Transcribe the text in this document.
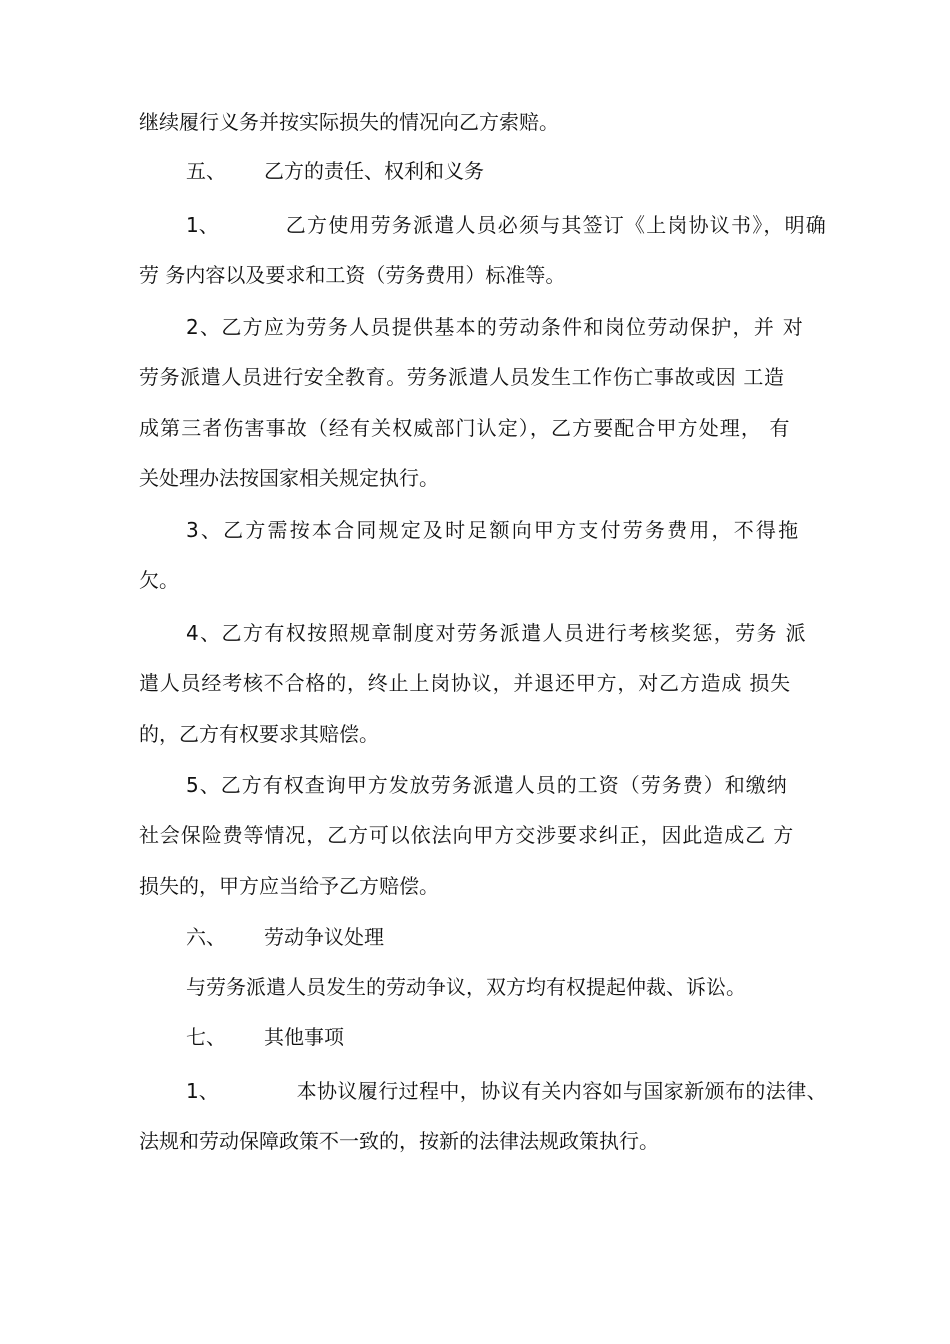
继续履行义务并按实际损失的情况向乙方索赔。
五、 乙方的责任、权利和义务
1、	乙方使用劳务派遣人员必须与其签订《上岗协议书》，明确
劳 务内容以及要求和工资（劳务费用）标准等。
2、乙方应为劳务人员提供基本的劳动条件和岗位劳动保护，并 对
劳务派遣人员进行安全教育。劳务派遣人员发生工作伤亡事故或因 工造
成第三者伤害事故（经有关权威部门认定），乙方要配合甲方处理， 有
关处理办法按国家相关规定执行。
3、乙方需按本合同规定及时足额向甲方支付劳务费用，不得拖
欠。
4、乙方有权按照规章制度对劳务派遣人员进行考核奖惩，劳务 派
遣人员经考核不合格的，终止上岗协议，并退还甲方，对乙方造成 损失
的，乙方有权要求其赔偿。
5、乙方有权查询甲方发放劳务派遣人员的工资（劳务费）和缴纳
社会保险费等情况，乙方可以依法向甲方交涉要求纠正，因此造成乙 方
损失的，甲方应当给予乙方赔偿。
六、 劳动争议处理
与劳务派遣人员发生的劳动争议，双方均有权提起仲裁、诉讼。
七、 其他事项
1、	本协议履行过程中，协议有关内容如与国家新颁布的法律、
法规和劳动保障政策不一致的，按新的法律法规政策执行。
